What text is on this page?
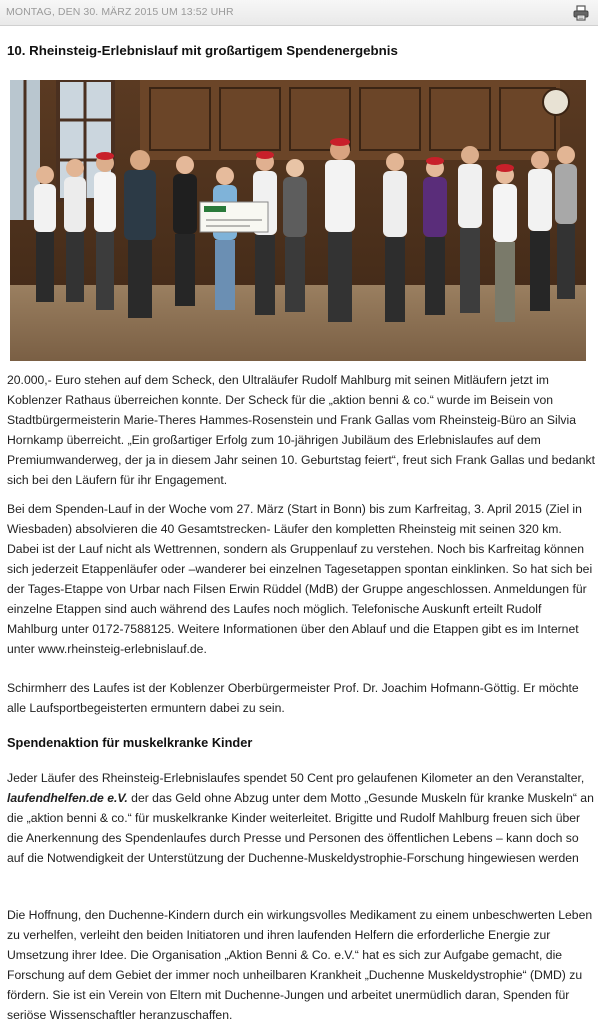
MONTAG, DEN 30. MÄRZ 2015 UM 13:52 UHR
10. Rheinsteig-Erlebnislauf mit großartigem Spendenergebnis

20.000,- Euro stehen auf dem Scheck, den Ultraläufer Rudolf Mahlburg mit seinen Mitläufern jetzt im Koblenzer Rathaus überreichen konnte. Der Scheck für die „aktion benni & co.“ wurde im Beisein von Stadtbürgermeisterin Marie-Theres Hammes-Rosenstein und Frank Gallas vom Rheinsteig-Büro an Silvia Hornkamp überreicht. „Ein großartiger Erfolg zum 10-jährigen Jubiläum des Erlebnislaufes auf dem Premiumwanderweg, der ja in diesem Jahr seinen 10. Geburtstag feiert“, freut sich Frank Gallas und bedankt sich bei den Läufern für ihr Engagement.

Bei dem Spenden-Lauf in der Woche vom 27. März (Start in Bonn) bis zum Karfreitag, 3. April 2015 (Ziel in Wiesbaden) absolvieren die 40 Gesamtstrecken- Läufer den kompletten Rheinsteig mit seinen 320 km. Dabei ist der Lauf nicht als Wettrennen, sondern als Gruppenlauf zu verstehen. Noch bis Karfreitag können sich jederzeit Etappenläufer oder –wanderer bei einzelnen Tagesetappen spontan einklinken. So hat sich bei der Tages-Etappe von Urbar nach Filsen Erwin Rüddel (MdB) der Gruppe angeschlossen. Anmeldungen für einzelne Etappen sind auch während des Laufes noch möglich. Telefonische Auskunft erteilt Rudolf Mahlburg unter 0172-7588125. Weitere Informationen über den Ablauf und die Etappen gibt es im Internet unter www.rheinsteig-erlebnislauf.de.

Schirmherr des Laufes ist der Koblenzer Oberbürgermeister Prof. Dr. Joachim Hofmann-Göttig. Er möchte alle Laufsportbegeisterten ermuntern dabei zu sein.

Spendenaktion für muskelkranke Kinder

Jeder Läufer des Rheinsteig-Erlebnislaufes spendet 50 Cent pro gelaufenen Kilometer an den Veranstalter, laufendhelfen.de e.V. der das Geld ohne Abzug unter dem Motto „Gesunde Muskeln für kranke Muskeln“ an die „aktion benni & co.“ für muskelkranke Kinder weiterleitet. Brigitte und Rudolf Mahlburg freuen sich über die Anerkennung des Spendenlaufes durch Presse und Personen des öffentlichen Lebens – kann doch so auf die Notwendigkeit der Unterstützung der Duchenne-Muskeldystrophie-Forschung hingewiesen werden

Die Hoffnung, den Duchenne-Kindern durch ein wirkungsvolles Medikament zu einem unbeschwerten Leben zu verhelfen, verleiht den beiden Initiatoren und ihren laufenden Helfern die erforderliche Energie zur Umsetzung ihrer Idee. Die Organisation „Aktion Benni & Co. e.V.“ hat es sich zur Aufgabe gemacht, die Forschung auf dem Gebiet der immer noch unheilbaren Krankheit „Duchenne Muskeldystrophie“ (DMD) zu fördern. Sie ist ein Verein von Eltern mit Duchenne-Jungen und arbeitet unermüdlich daran, Spenden für seriöse Wissenschaftler heranzuschaffen.
